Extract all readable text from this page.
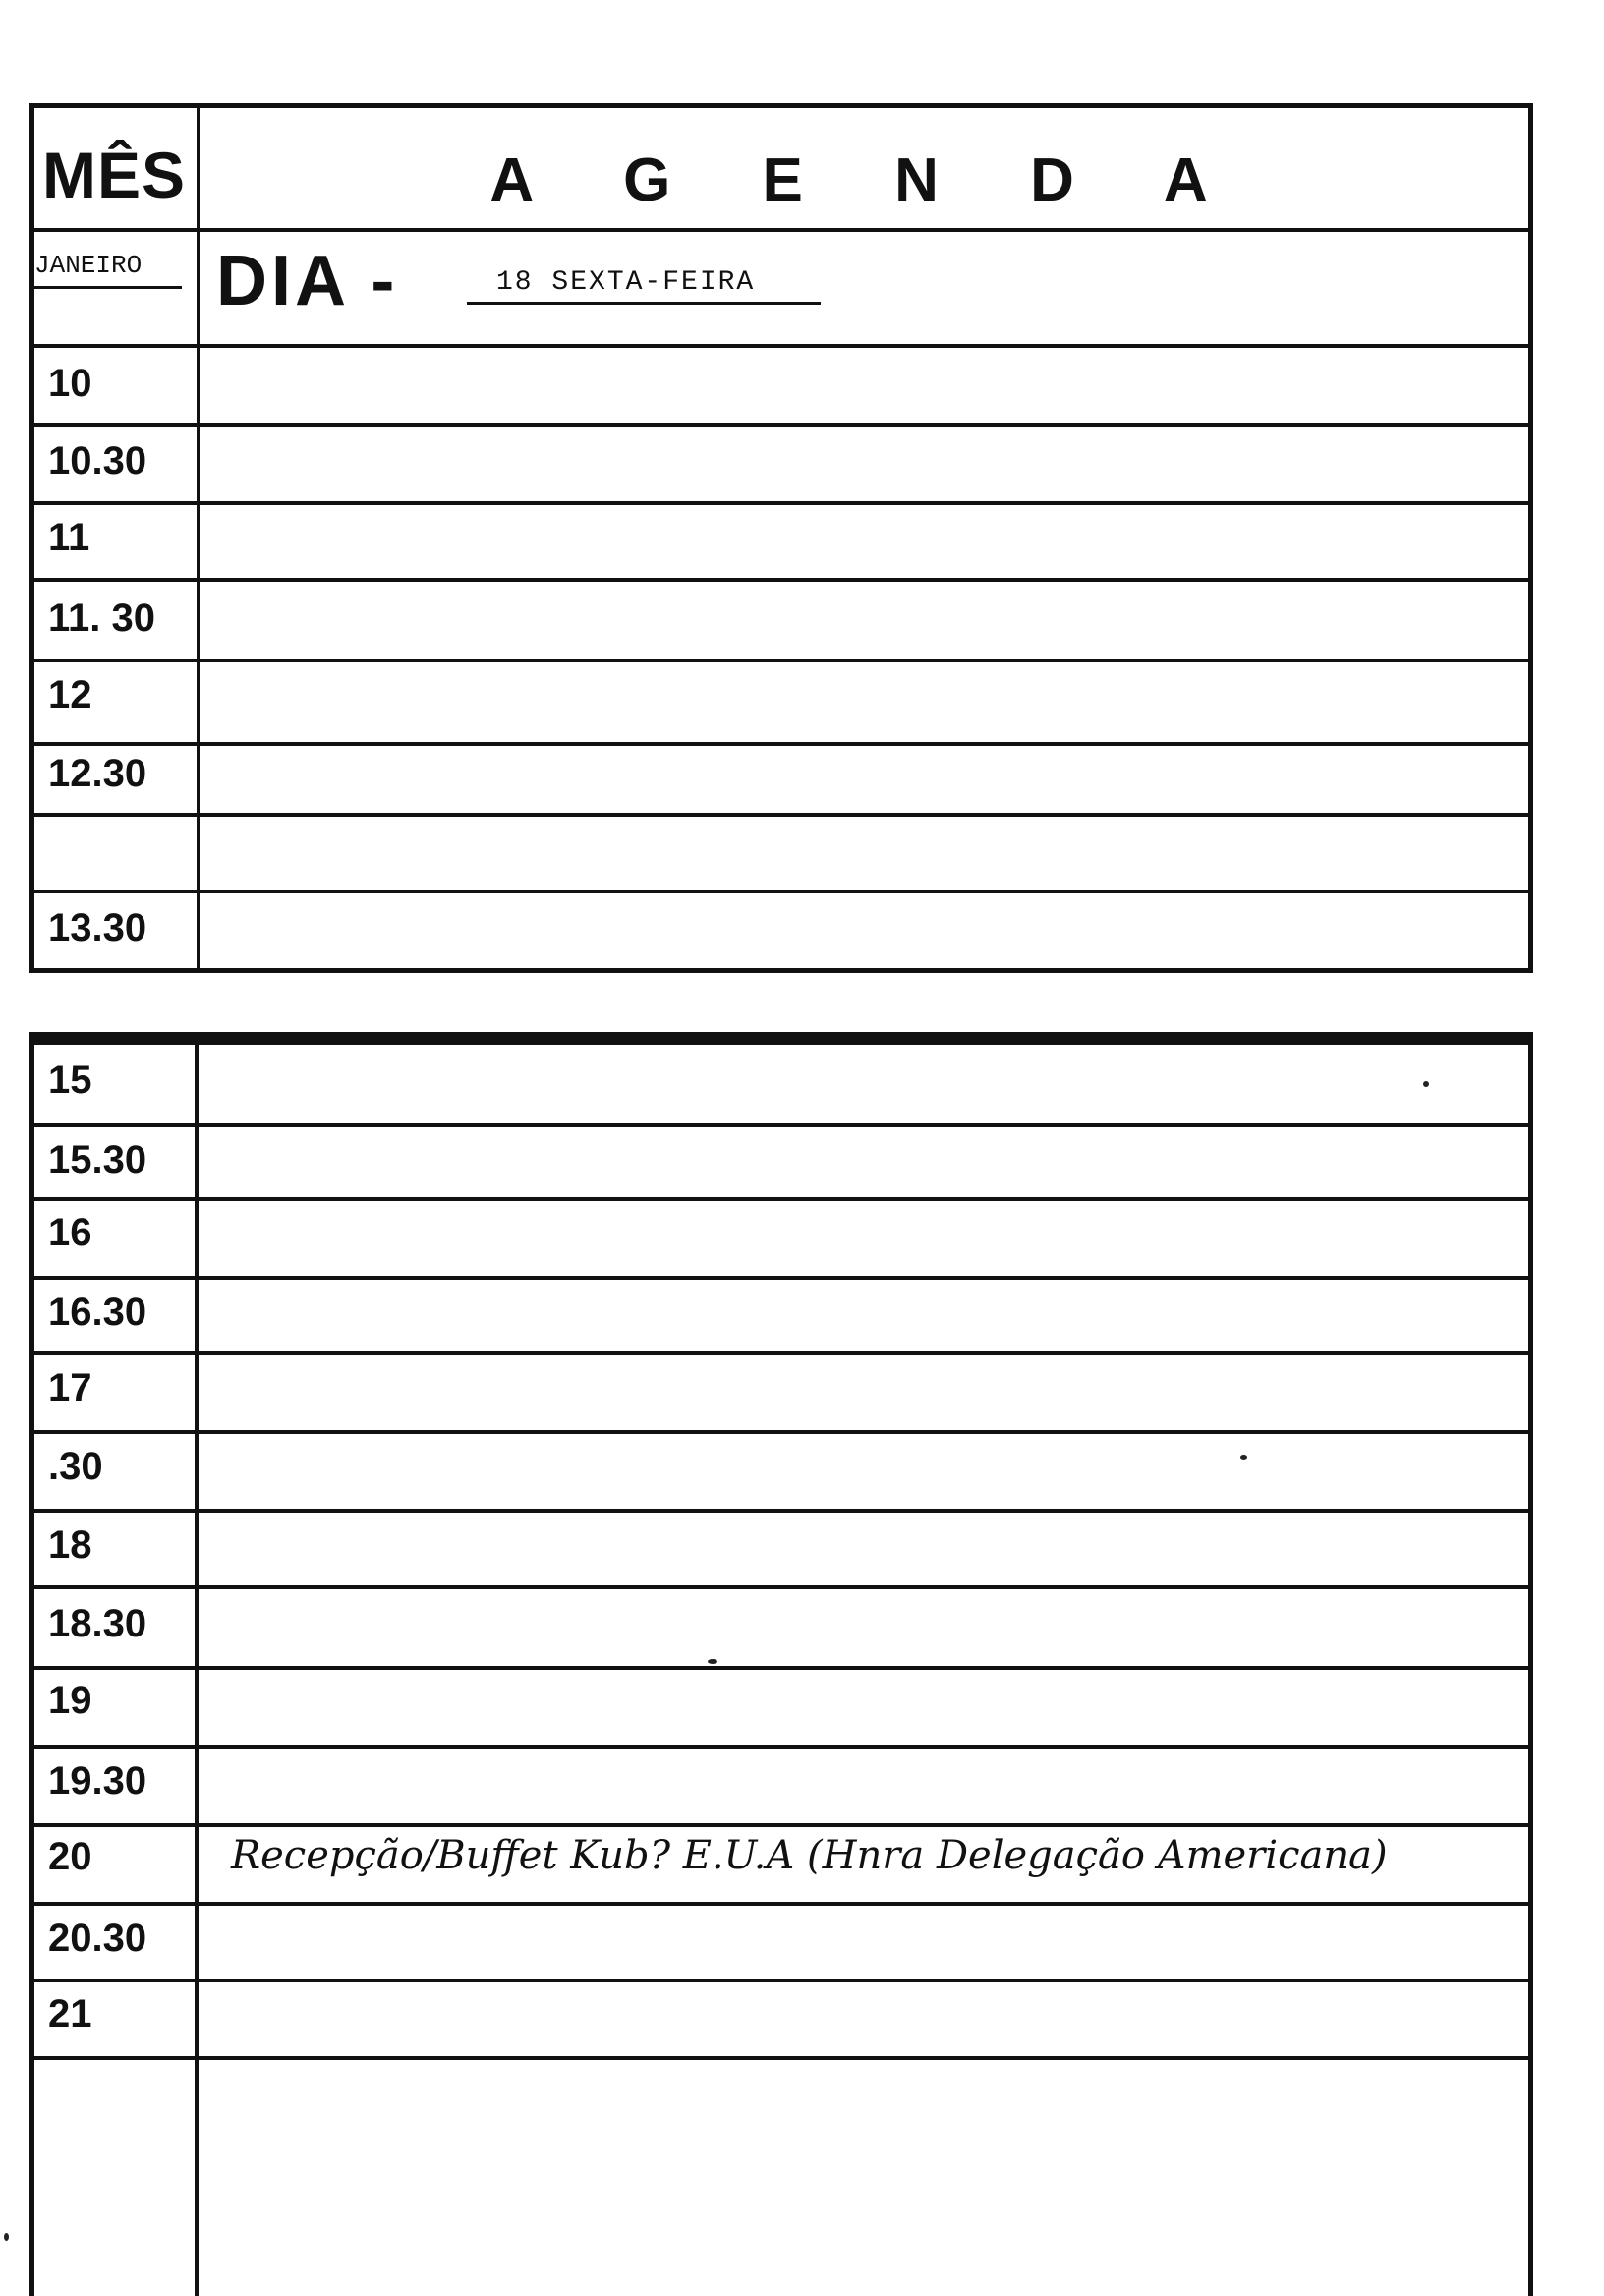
MÊS	A G E N D A
JANEIRO	DIA -	18 SEXTA-FEIRA
10
10.30
11
11. 30
12
12.30
13.30
15
15.30
16
16.30
17
.30
18
18.30
19
19.30
20	Recepção/Buffet Kub? E.U.A (Hnra Delegação Americana)
20.30
21
